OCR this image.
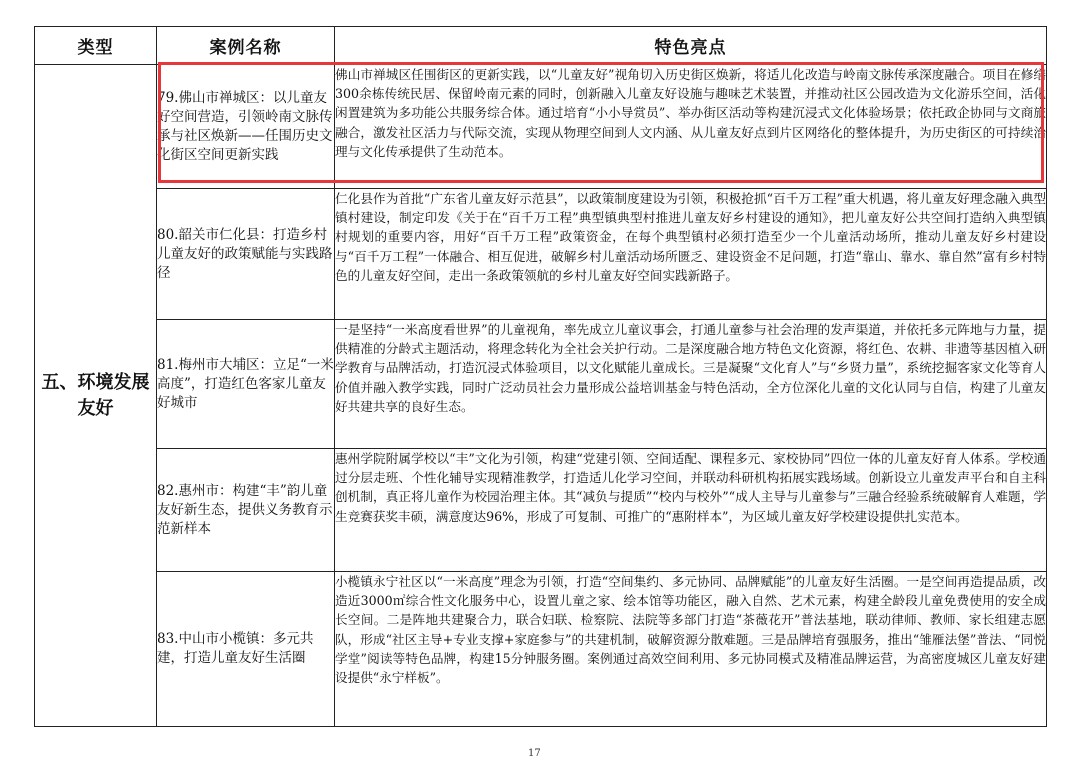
类型	案例名称	特色亮点
五、环境发展友好	79.佛山市禅城区：以儿童友好空间营造，引领岭南文脉传承与社区焕新——任围历史文化街区空间更新实践	佛山市禅城区任围街区的更新实践，以“儿童友好”视角切入历史街区焕新，将适儿化改造与岭南文脉传承深度融合。项目在修缮300余栋传统民居、保留岭南元素的同时，创新融入儿童友好设施与趣味艺术装置，并推动社区公园改造为文化游乐空间，活化闲置建筑为多功能公共服务综合体。通过培育“小小导赏员”、举办街区活动等构建沉浸式文化体验场景；依托政企协同与文商旅融合，激发社区活力与代际交流，实现从物理空间到人文内涵、从儿童友好点到片区网络化的整体提升，为历史街区的可持续治理与文化传承提供了生动范本。
	80.韶关市仁化县：打造乡村儿童友好的政策赋能与实践路径	仁化县作为首批“广东省儿童友好示范县”，以政策制度建设为引领，积极抢抓“百千万工程”重大机遇，将儿童友好理念融入典型镇村建设，制定印发《关于在“百千万工程”典型镇典型村推进儿童友好乡村建设的通知》，把儿童友好公共空间打造纳入典型镇村规划的重要内容，用好“百千万工程”政策资金，在每个典型镇村必须打造至少一个儿童活动场所，推动儿童友好乡村建设与“百千万工程”一体融合、相互促进，破解乡村儿童活动场所匮乏、建设资金不足问题，打造“靠山、靠水、靠自然”富有乡村特色的儿童友好空间，走出一条政策领航的乡村儿童友好空间实践新路子。
	81.梅州市大埔区：立足“一米高度”，打造红色客家儿童友好城市	一是坚持“一米高度看世界”的儿童视角，率先成立儿童议事会，打通儿童参与社会治理的发声渠道，并依托多元阵地与力量，提供精准的分龄式主题活动，将理念转化为全社会关护行动。二是深度融合地方特色文化资源，将红色、农耕、非遗等基因植入研学教育与品牌活动，打造沉浸式体验项目，以文化赋能儿童成长。三是凝聚“文化育人”与“乡贤力量”，系统挖掘客家文化等育人价值并融入教学实践，同时广泛动员社会力量形成公益培训基金与特色活动，全方位深化儿童的文化认同与自信，构建了儿童友好共建共享的良好生态。
	82.惠州市：构建“丰”韵儿童友好新生态，提供义务教育示范新样本	惠州学院附属学校以“丰”文化为引领，构建“党建引领、空间适配、课程多元、家校协同”四位一体的儿童友好育人体系。学校通过分层走班、个性化辅导实现精准教学，打造适儿化学习空间，并联动科研机构拓展实践场域。创新设立儿童发声平台和自主科创机制，真正将儿童作为校园治理主体。其“减负与提质”“校内与校外”“成人主导与儿童参与”三融合经验系统破解育人难题，学生竞赛获奖丰硕，满意度达96%，形成了可复制、可推广的“惠附样本”，为区域儿童友好学校建设提供扎实范本。
	83.中山市小榄镇：多元共建，打造儿童友好生活圈	小榄镇永宁社区以“一米高度”理念为引领，打造“空间集约、多元协同、品牌赋能”的儿童友好生活圈。一是空间再造提品质，改造近3000㎡综合性文化服务中心，设置儿童之家、绘本馆等功能区，融入自然、艺术元素，构建全龄段儿童免费使用的安全成长空间。二是阵地共建聚合力，联合妇联、检察院、法院等多部门打造“茶薇花开”普法基地，联动律师、教师、家长组建志愿队，形成“社区主导+专业支撑+家庭参与”的共建机制，破解资源分散难题。三是品牌培育强服务，推出“雏雁法堡”普法、“同悦学堂”阅读等特色品牌，构建15分钟服务圈。案例通过高效空间利用、多元协同模式及精准品牌运营，为高密度城区儿童友好建设提供“永宁样板”。
17
